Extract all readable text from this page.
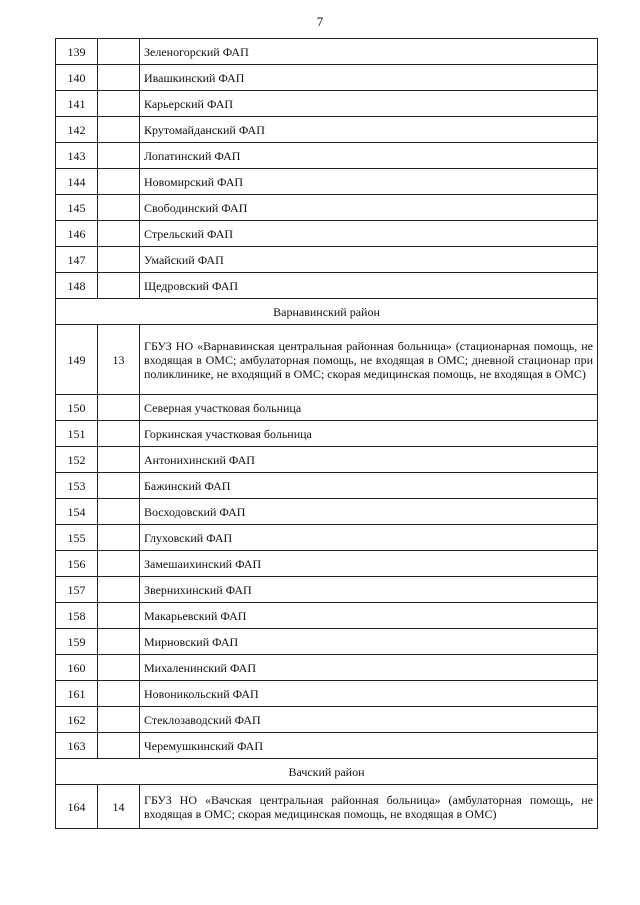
7
139		Зеленогорский ФАП
140		Ивашкинский ФАП
141		Карьерский ФАП
142		Крутомайданский ФАП
143		Лопатинский ФАП
144		Новомирский ФАП
145		Свободинский ФАП
146		Стрельский ФАП
147		Умайский ФАП
148		Щедровский ФАП
Варнавинский район		
149	13	ГБУЗ НО «Варнавинская центральная районная больница» (стационарная помощь, не входящая в ОМС; амбулаторная помощь, не входящая в ОМС; дневной стационар при поликлинике, не входящий в ОМС; скорая медицинская помощь, не входящая в ОМС)
150		Северная участковая больница
151		Горкинская участковая больница
152		Антонихинский ФАП
153		Бажинский ФАП
154		Восходовский ФАП
155		Глуховский ФАП
156		Замешаихинский ФАП
157		Звернихинский ФАП
158		Макарьевский ФАП
159		Мирновский ФАП
160		Михаленинский ФАП
161		Новоникольский ФАП
162		Стеклозаводский ФАП
163		Черемушкинский ФАП
Вачский район		
164	14	ГБУЗ НО «Вачская центральная районная больница» (амбулаторная помощь, не входящая в ОМС; скорая медицинская помощь, не входящая в ОМС)
